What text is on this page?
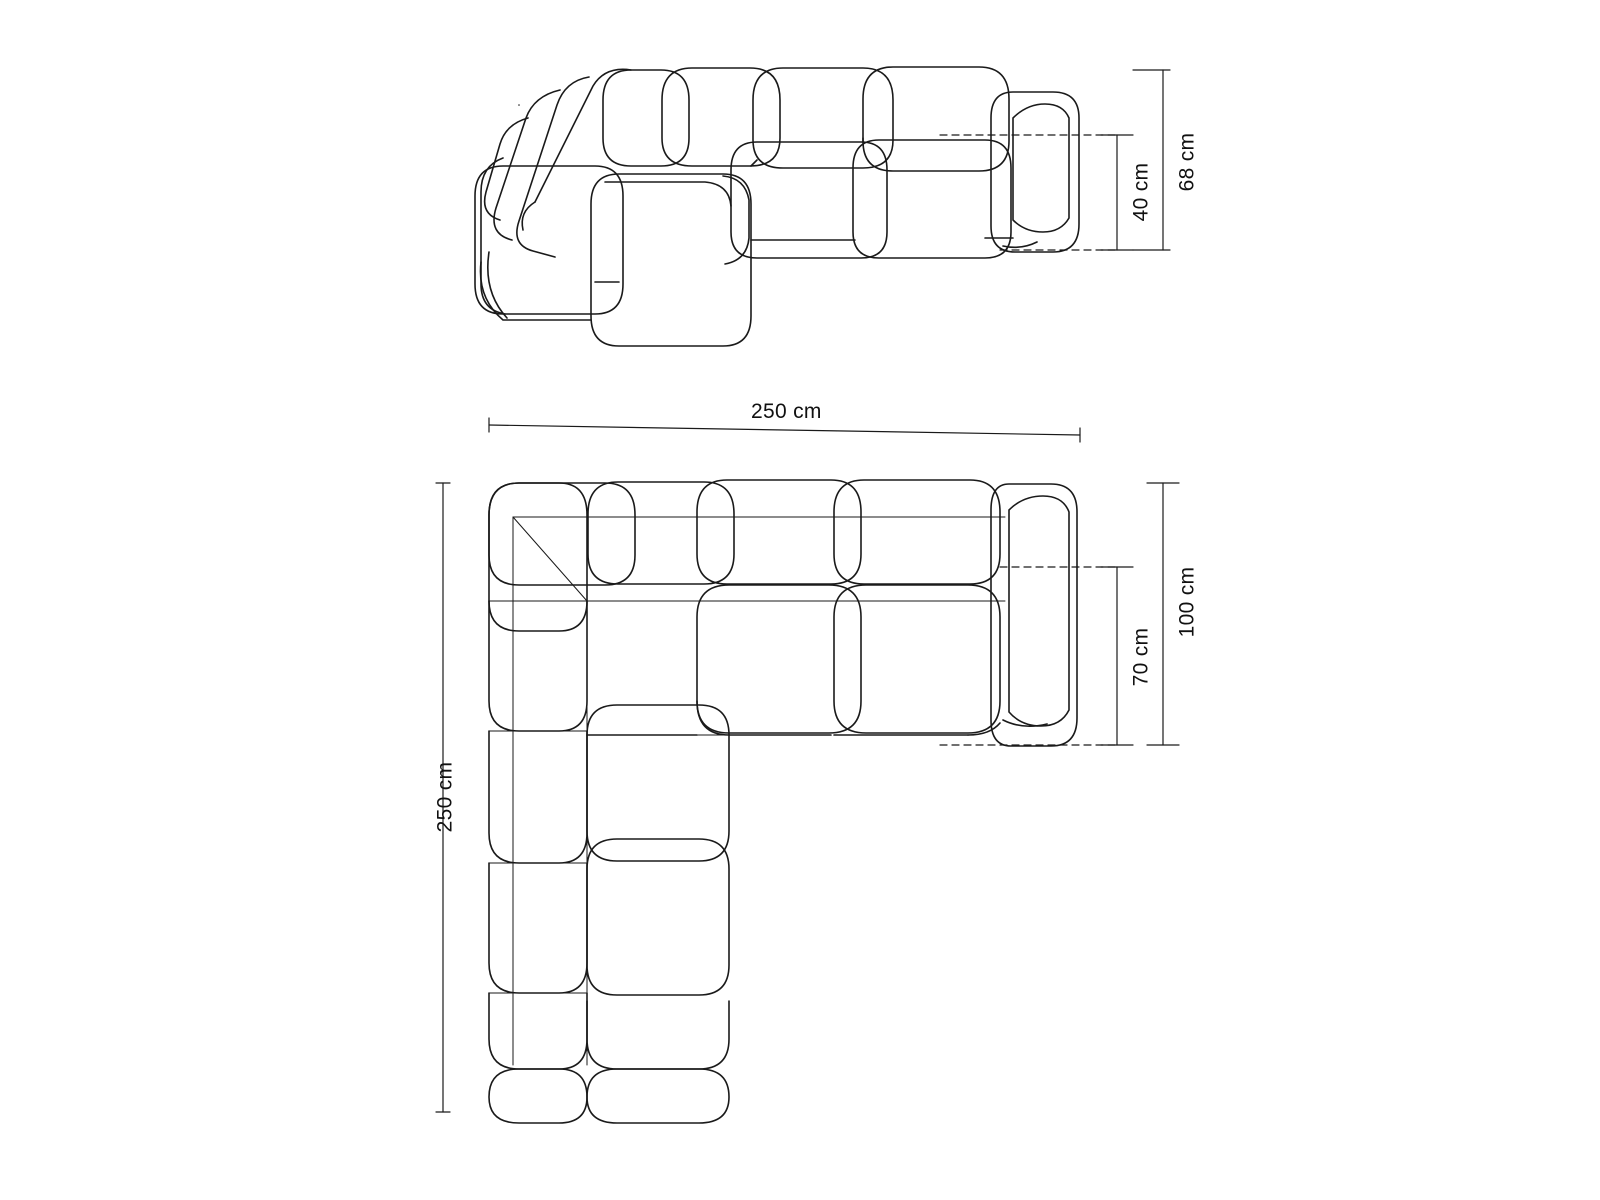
68 cm
40 cm
250 cm
250 cm
100 cm
70 cm
